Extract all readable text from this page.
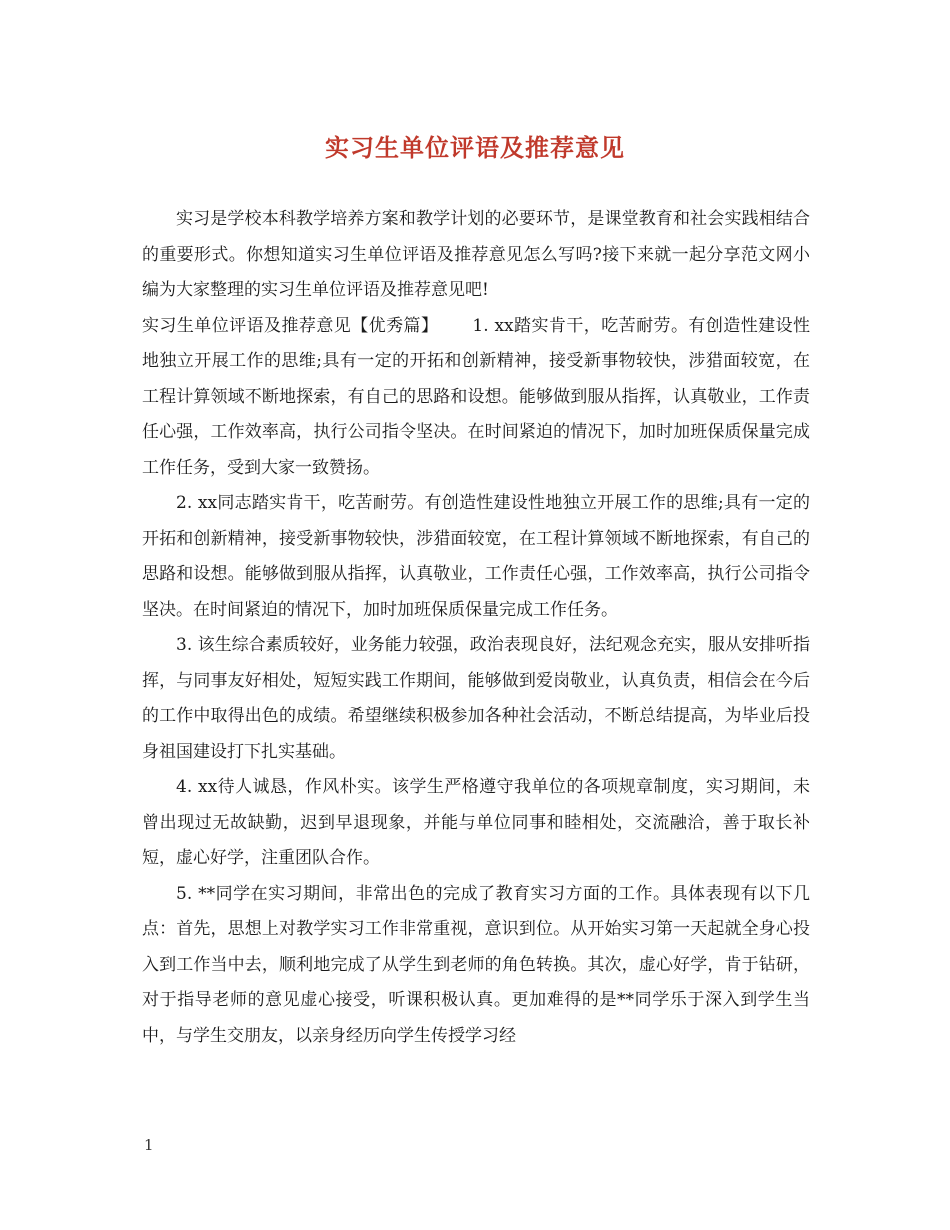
实习生单位评语及推荐意见

实习是学校本科教学培养方案和教学计划的必要环节，是课堂教育和社会实践相结合的重要形式。你想知道实习生单位评语及推荐意见怎么写吗?接下来就一起分享范文网小编为大家整理的实习生单位评语及推荐意见吧!

实习生单位评语及推荐意见【优秀篇】 1. xx踏实肯干，吃苦耐劳。有创造性建设性地独立开展工作的思维;具有一定的开拓和创新精神，接受新事物较快，涉猎面较宽，在工程计算领域不断地探索，有自己的思路和设想。能够做到服从指挥，认真敬业，工作责任心强，工作效率高，执行公司指令坚决。在时间紧迫的情况下，加时加班保质保量完成工作任务，受到大家一致赞扬。

2. xx同志踏实肯干，吃苦耐劳。有创造性建设性地独立开展工作的思维;具有一定的开拓和创新精神，接受新事物较快，涉猎面较宽，在工程计算领域不断地探索，有自己的思路和设想。能够做到服从指挥，认真敬业，工作责任心强，工作效率高，执行公司指令坚决。在时间紧迫的情况下，加时加班保质保量完成工作任务。

3. 该生综合素质较好，业务能力较强，政治表现良好，法纪观念充实，服从安排听指挥，与同事友好相处，短短实践工作期间，能够做到爱岗敬业，认真负责，相信会在今后的工作中取得出色的成绩。希望继续积极参加各种社会活动，不断总结提高，为毕业后投身祖国建设打下扎实基础。

4. xx待人诚恳，作风朴实。该学生严格遵守我单位的各项规章制度，实习期间，未曾出现过无故缺勤，迟到早退现象，并能与单位同事和睦相处，交流融洽，善于取长补短，虚心好学，注重团队合作。

5. **同学在实习期间，非常出色的完成了教育实习方面的工作。具体表现有以下几点：首先，思想上对教学实习工作非常重视，意识到位。从开始实习第一天起就全身心投入到工作当中去，顺利地完成了从学生到老师的角色转换。其次，虚心好学，肯于钻研，对于指导老师的意见虚心接受，听课积极认真。更加难得的是**同学乐于深入到学生当中，与学生交朋友，以亲身经历向学生传授学习经

1
